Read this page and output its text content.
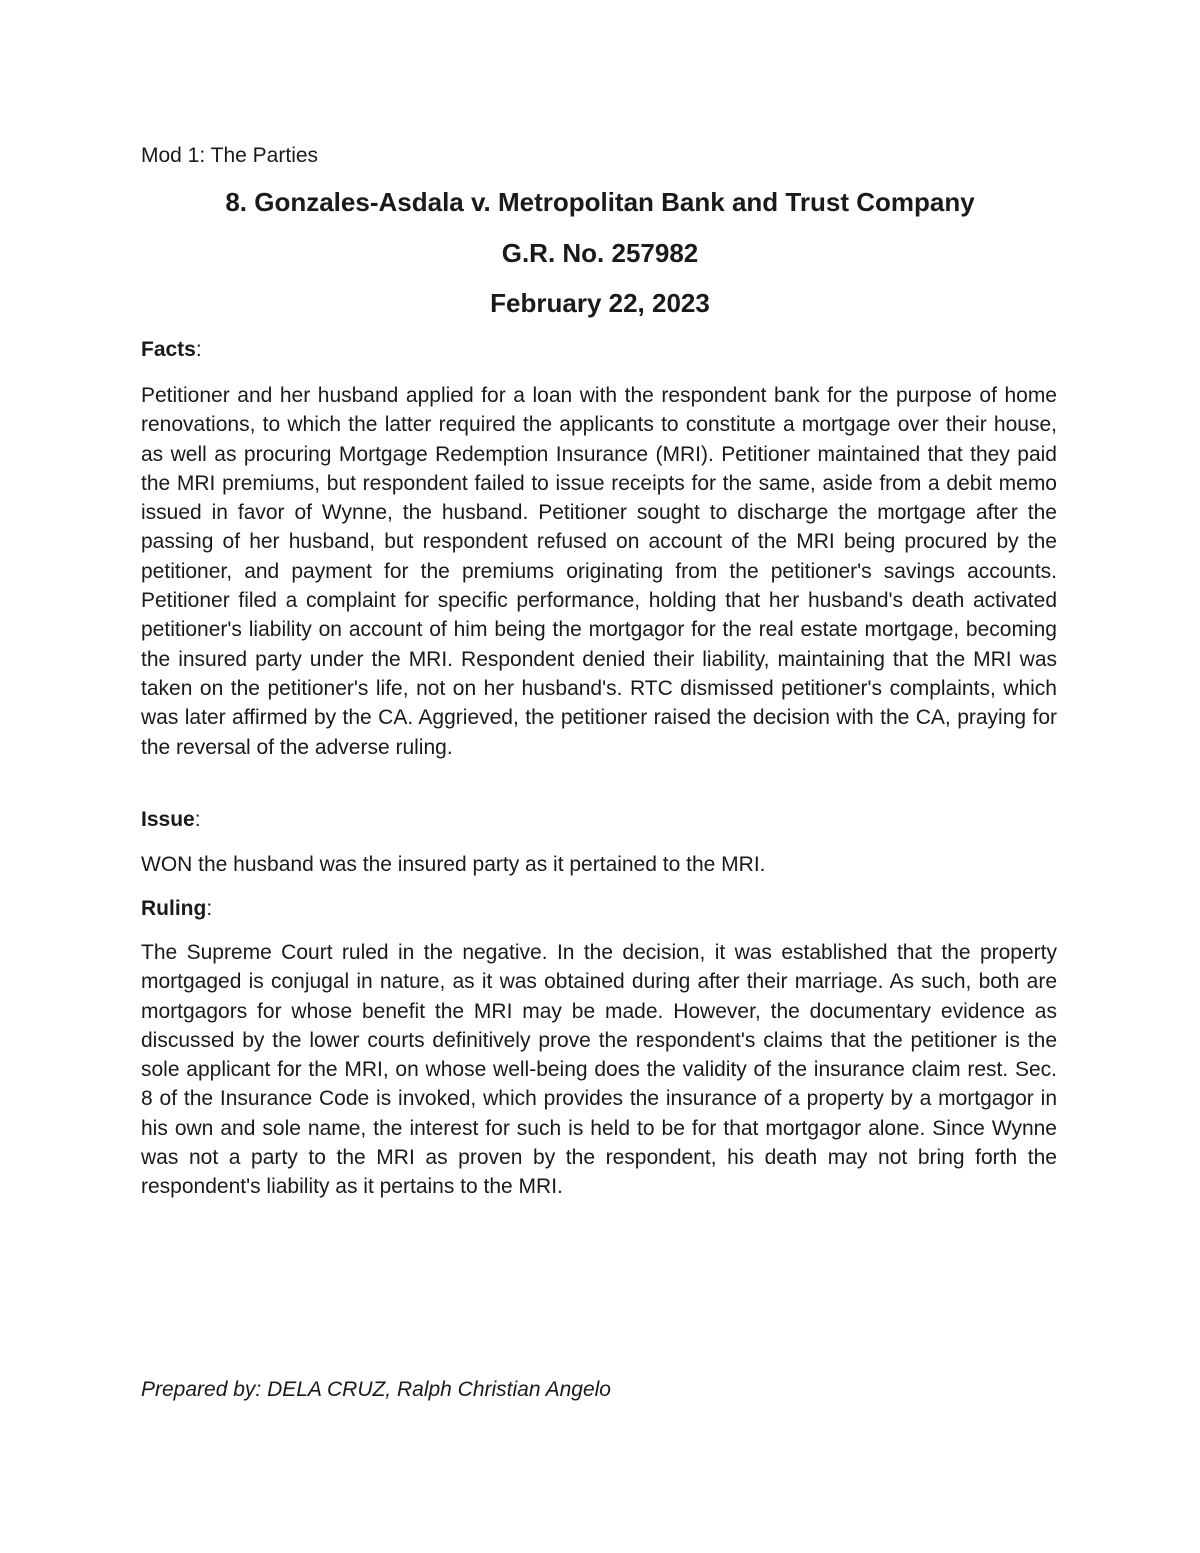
Mod 1: The Parties
8. Gonzales-Asdala v. Metropolitan Bank and Trust Company
G.R. No. 257982
February 22, 2023
Facts:
Petitioner and her husband applied for a loan with the respondent bank for the purpose of home renovations, to which the latter required the applicants to constitute a mortgage over their house, as well as procuring Mortgage Redemption Insurance (MRI). Petitioner maintained that they paid the MRI premiums, but respondent failed to issue receipts for the same, aside from a debit memo issued in favor of Wynne, the husband. Petitioner sought to discharge the mortgage after the passing of her husband, but respondent refused on account of the MRI being procured by the petitioner, and payment for the premiums originating from the petitioner's savings accounts. Petitioner filed a complaint for specific performance, holding that her husband's death activated petitioner's liability on account of him being the mortgagor for the real estate mortgage, becoming the insured party under the MRI. Respondent denied their liability, maintaining that the MRI was taken on the petitioner's life, not on her husband's. RTC dismissed petitioner's complaints, which was later affirmed by the CA. Aggrieved, the petitioner raised the decision with the CA, praying for the reversal of the adverse ruling.
Issue:
WON the husband was the insured party as it pertained to the MRI.
Ruling:
The Supreme Court ruled in the negative. In the decision, it was established that the property mortgaged is conjugal in nature, as it was obtained during after their marriage. As such, both are mortgagors for whose benefit the MRI may be made. However, the documentary evidence as discussed by the lower courts definitively prove the respondent's claims that the petitioner is the sole applicant for the MRI, on whose well-being does the validity of the insurance claim rest. Sec. 8 of the Insurance Code is invoked, which provides the insurance of a property by a mortgagor in his own and sole name, the interest for such is held to be for that mortgagor alone. Since Wynne was not a party to the MRI as proven by the respondent, his death may not bring forth the respondent's liability as it pertains to the MRI.
Prepared by: DELA CRUZ, Ralph Christian Angelo
